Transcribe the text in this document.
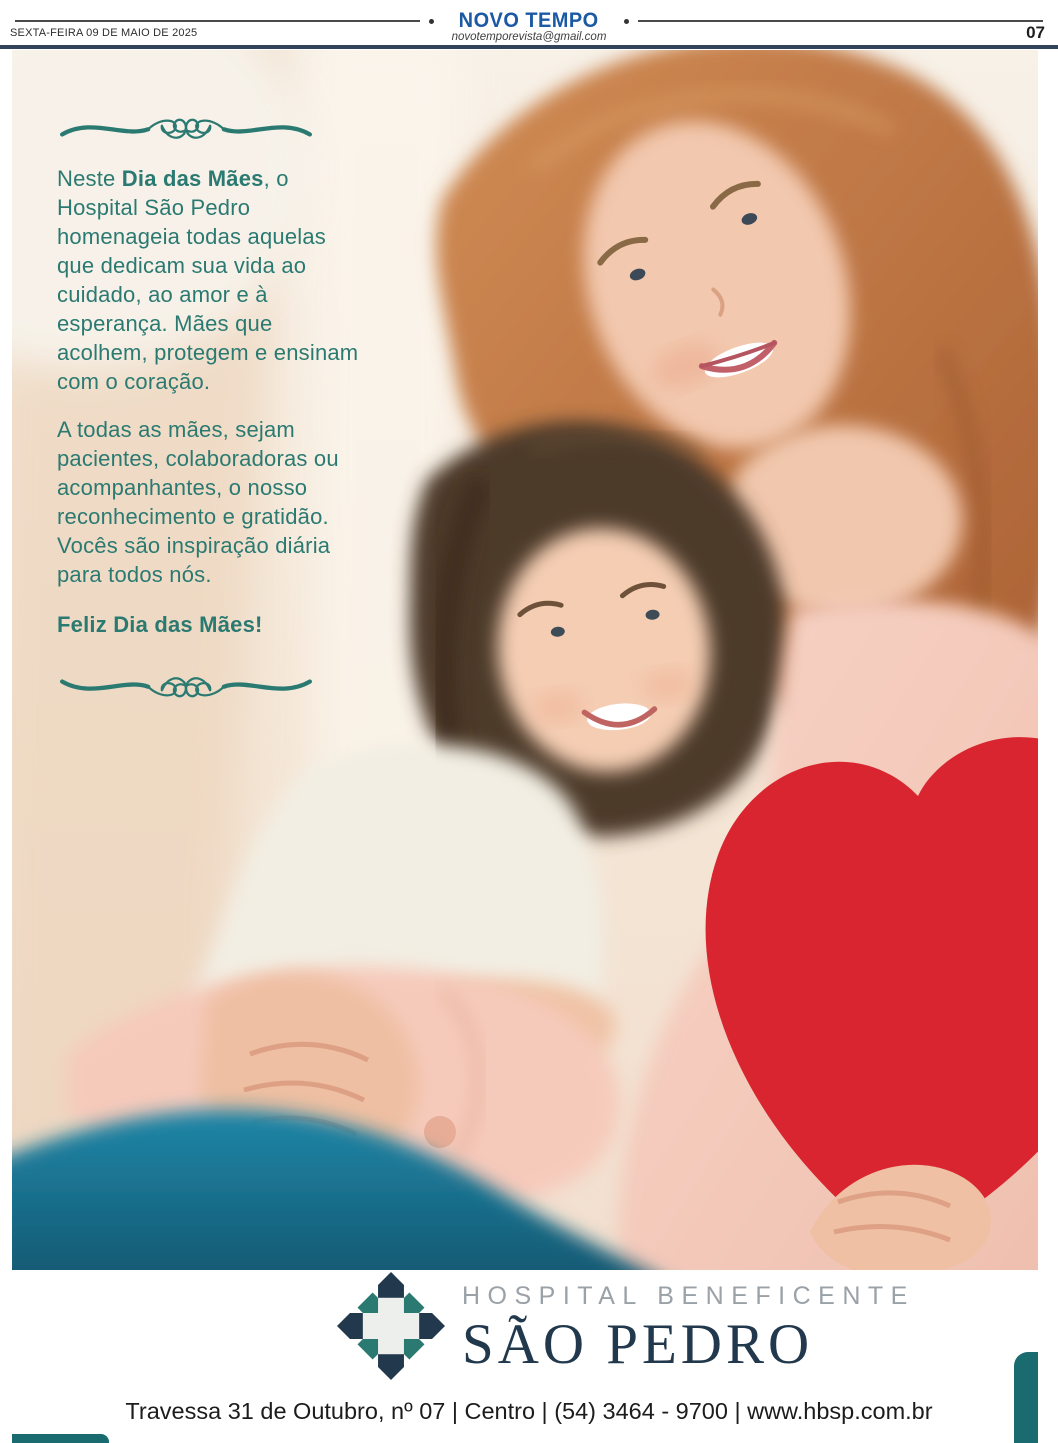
NOVO TEMPO
novotemporevista@gmail.com
SEXTA-FEIRA 09 DE MAIO DE 2025	07

Neste Dia das Mães, o Hospital São Pedro homenageia todas aquelas que dedicam sua vida ao cuidado, ao amor e à esperança. Mães que acolhem, protegem e ensinam com o coração.

A todas as mães, sejam pacientes, colaboradoras ou acompanhantes, o nosso reconhecimento e gratidão. Vocês são inspiração diária para todos nós.

Feliz Dia das Mães!

HOSPITAL BENEFICENTE
SÃO PEDRO
Travessa 31 de Outubro, nº 07 | Centro | (54) 3464 - 9700 | www.hbsp.com.br
